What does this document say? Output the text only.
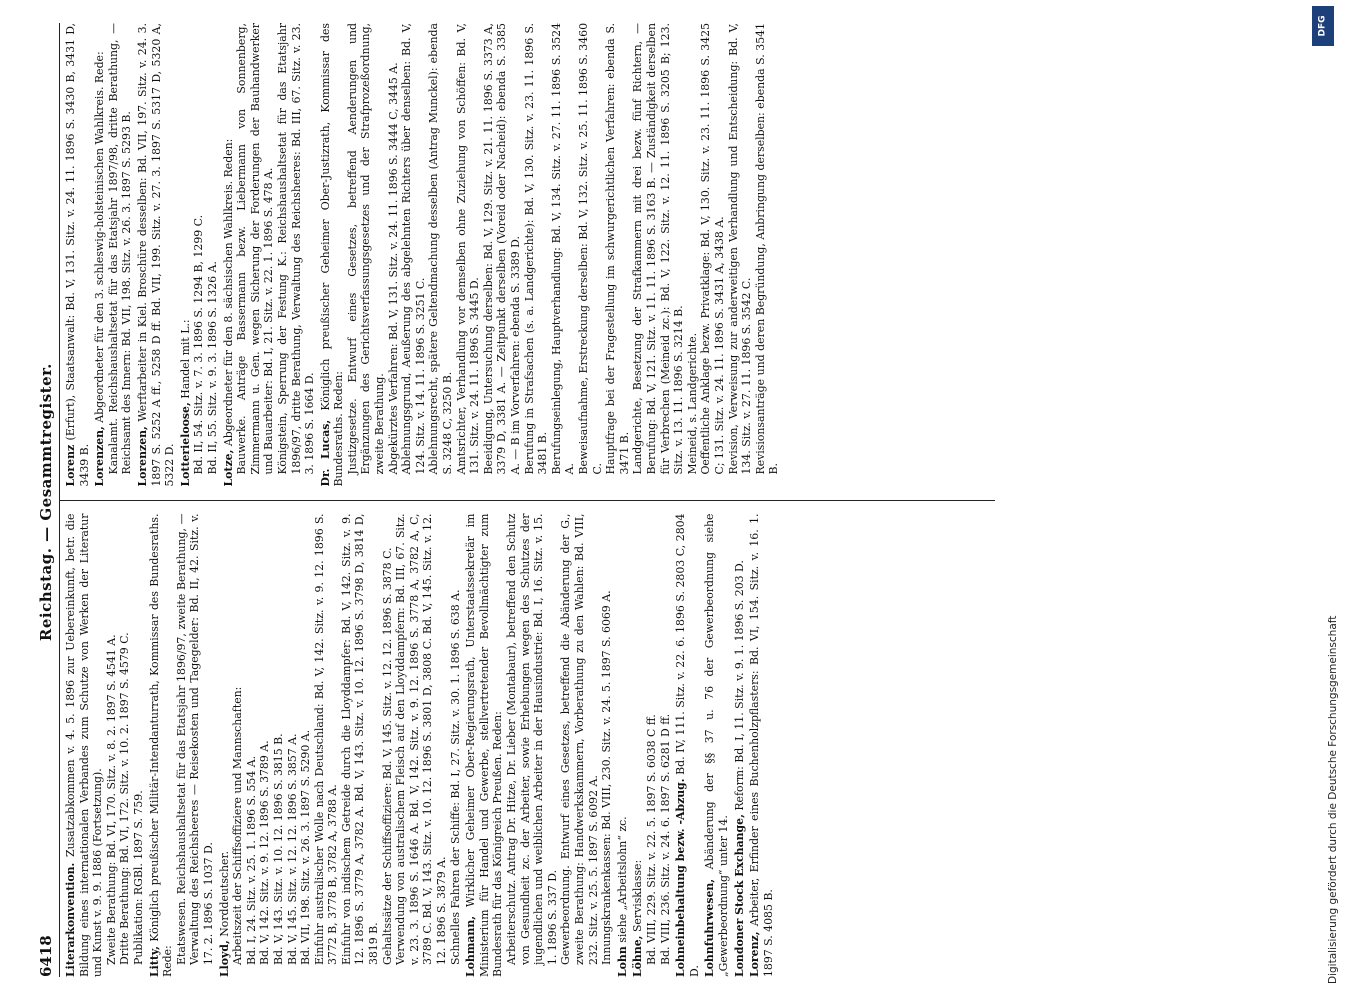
6418
Reichstag. — Gesammtregister.
Literarkonvention. Zusatzabkommen v. 4. 5. 1896 zur Uebereinkunft, betr. die Bildung eines internationalen Verbandes zum Schutze von Werken der Literatur und Kunst v. 9. 9. 1886 (Fortsetzung). Zweite Berathung: Bd. VI, 170. Sitz. v. 8. 2. 1897 S. 4541 A. Dritte Berathung: Bd. VI, 172. Sitz. v. 10. 2. 1897 S. 4579 C. Publikation: RGBl. 1897 S. 759. Litty, Königlich preußischer Militär-Intendanturrath, Kommissar des Bundesraths. Rede: Etatswesen. Reichshaushaltsetat für das Etatsjahr 1896/97, zweite Berathung, — Verwaltung des Reichsheeres — Reisekosten und Tagegelder: Bd. II, 42. Sitz. v. 17. 2. 1896 S. 1037 D. Lloyd, Norddeutscher. Arbeitszeit der Schiffsoffiziere und Mannschaften: Bd. I, 24. Sitz. v. 25. 1. 1896 S. 554 A. Bd. V, 142. Sitz. v. 9. 12. 1896 S. 3789 A. Bd. V, 143. Sitz. v. 10. 12. 1896 S. 3815 B. Bd. V, 145. Sitz. v. 12. 12. 1896 S. 3857 A. Bd. VII, 198. Sitz. v. 26. 3. 1897 S. 5290 A. Einfuhr australischer Wolle nach Deutschland: Bd. V, 142. Sitz. v. 9. 12. 1896 S. 3772 B, 3778 B, 3782 A, 3788 A. Einfuhr von indischem Getreide durch die Lloyddampfer: Bd. V, 142. Sitz. v. 9. 12. 1896 S. 3779 A, 3782 A. Bd. V, 143. Sitz. v. 10. 12. 1896 S. 3798 D, 3814 D, 3819 B. Gehaltssätze der Schiffsoffiziere: Bd. V, 145. Sitz. v. 12. 12. 1896 S. 3878 C. Verwendung von australischem Fleisch auf den Lloyddampfern: Bd. III, 67. Sitz. v. 23. 3. 1896 S. 1646 A. Bd. V, 142. Sitz. v. 9. 12. 1896 S. 3778 A, 3782 A, C, 3789 C. Bd. V, 143. Sitz. v. 10. 12. 1896 S. 3801 D, 3808 C. Bd. V, 145. Sitz. v. 12. 12. 1896 S. 3879 A. Schnelles Fahren der Schiffe: Bd. I, 27. Sitz. v. 30. 1. 1896 S. 638 A. Lohmann, Wirklicher Geheimer Ober-Regierungsrath, Unterstaatssekretär im Ministerium für Handel und Gewerbe, stellvertretender Bevollmächtigter zum Bundesrath für das Königreich Preußen. Reden: Arbeiterschutz. Antrag Dr. Hitze, Dr. Lieber (Montabaur), betreffend den Schutz von Gesundheit zc. der Arbeiter, sowie Erhebungen wegen des Schutzes der jugendlichen und weiblichen Arbeiter in der Hausindustrie: Bd. I, 16. Sitz. v. 15. 1. 1896 S. 337 D. Gewerbeordnung. Entwurf eines Gesetzes, betreffend die Abänderung der G., zweite Berathung: Handwerkskammern, Vorberathung zu den Wahlen: Bd. VIII, 232. Sitz. v. 25. 5. 1897 S. 6092 A. Innungskrankenkassen: Bd. VIII, 230. Sitz. v. 24. 5. 1897 S. 6069 A. Lohn siehe „Arbeitslohn“ zc.
Löhne, Servisklasse: Bd. VIII, 229. Sitz. v. 22. 5. 1897 S. 6038 C ff. Bd. VIII, 236. Sitz. v. 24. 6. 1897 S. 6281 D ff. Lohneinbehaltung bezw. -Abzug. Bd. IV, 111. Sitz. v. 22. 6. 1896 S. 2803 C, 2804 D. Lohnfuhrwesen, Abänderung der §§ 37 u. 76 der Gewerbeordnung siehe „Gewerbeordnung“ unter 14. Londoner Stock Exchange, Reform: Bd. I, 11. Sitz. v. 9. 1. 1896 S. 203 D.
Lorenz, Arbeiter, Erfinder eines Buchenholzpflasters: Bd. VI, 154. Sitz. v. 16. 1. 1897 S. 4085 B.
Lorenz (Erfurt), Staatsanwalt: Bd. V, 131. Sitz. v. 24. 11. 1896 S. 3430 B, 3431 D, 3439 B. Lorenzen, Abgeordneter für den 3. schleswig-holsteinischen Wahlkreis. Rede: Kanalamt. Reichshaushaltsetat für das Etatsjahr 1897/98, dritte Berathung, — Reichsamt des Innern: Bd. VII, 198. Sitz. v. 26. 3. 1897 S. 5293 B. Lorenzen, Werftarbeiter in Kiel. Broschüre desselben: Bd. VII, 197. Sitz. v. 24. 3. 1897 S. 5252 A ff., 5258 D ff. Bd. VII, 199. Sitz. v. 27. 3. 1897 S. 5317 D, 5320 A, 5322 D. Lotterieloose, Handel mit L.: Bd. II, 54. Sitz. v. 7. 3. 1896 S. 1294 B, 1299 C. Bd. II, 55. Sitz. v. 9. 3. 1896 S. 1326 A. Lotze, Abgeordneter für den 8. sächsischen Wahlkreis. Reden: Bauwerke. Anträge Bassermann bezw. Liebermann von Sonnenberg, Zimmermann u. Gen. wegen Sicherung der Forderungen der Bauhandwerker und Bauarbeiter: Bd. I, 21. Sitz. v. 22. 1. 1896 S. 478 A. Königstein, Sperrung der Festung K.: Reichshaushaltsetat für das Etatsjahr 1896/97, dritte Berathung, Verwaltung des Reichsheeres: Bd. III, 67. Sitz. v. 23. 3. 1896 S. 1664 D. Dr. Lucas, Königlich preußischer Geheimer Ober-Justizrath, Kommissar des Bundesraths. Reden: Justizgesetze. Entwurf eines Gesetzes, betreffend Aenderungen und Ergänzungen des Gerichtsverfassungsgesetzes und der Strafprozeßordnung, zweite Berathung. Abgekürztes Verfahren: Bd. V, 131. Sitz. v. 24. 11. 1896 S. 3444 C, 3445 A. Ablehnungsgrund, Aeußerung des abgelehnten Richters über denselben: Bd. V, 124. Sitz. v. 14. 11. 1896 S. 3251 C. Ablehnungsrecht, spätere Geltendmachung desselben (Antrag Munckel): ebenda S. 3248 C, 3250 B. Amtsrichter, Verhandlung vor demselben ohne Zuziehung von Schöffen: Bd. V, 131. Sitz. v. 24. 11. 1896 S. 3445 D. Beeidigung, Untersuchung derselben: Bd. V, 129. Sitz. v. 21. 11. 1896 S. 3373 A, 3379 D, 3381 A. — Zeitpunkt derselben (Voreid oder Nacheid): ebenda S. 3385 A. — B im Vorverfahren: ebenda S. 3389 D. Berufung in Strafsachen (s. a. Landgerichte): Bd. V, 130. Sitz. v. 23. 11. 1896 S. 3481 B. Berufungseinlegung, Hauptverhandlung: Bd. V, 134. Sitz. v. 27. 11. 1896 S. 3524 A. Beweisaufnahme, Erstreckung derselben: Bd. V, 132. Sitz. v. 25. 11. 1896 S. 3460 C. Hauptfrage bei der Fragestellung im schwurgerichtlichen Verfahren: ebenda S. 3471 B. Landgerichte, Besetzung der Strafkammern mit drei bezw. fünf Richtern, — Berufung: Bd. V, 121. Sitz. v. 11. 11. 1896 S. 3163 B. — Zuständigkeit derselben für Verbrechen (Meineid zc.): Bd. V, 122. Sitz. v. 12. 11. 1896 S. 3205 B; 123. Sitz. v. 13. 11. 1896 S. 3214 B. Meineid, s. Landgerichte. Oeffentliche Anklage bezw. Privatklage: Bd. V, 130. Sitz. v. 23. 11. 1896 S. 3425 C; 131. Sitz. v. 24. 11. 1896 S. 3431 A, 3438 A. Revision, Verweisung zur anderweitigen Verhandlung und Entscheidung: Bd. V, 134. Sitz. v. 27. 11. 1896 S. 3542 C. Revisionsanträge und deren Begründung, Anbringung derselben: ebenda S. 3541 B.
DFG
Digitalisierung gefördert durch die Deutsche Forschungsgemeinschaft
